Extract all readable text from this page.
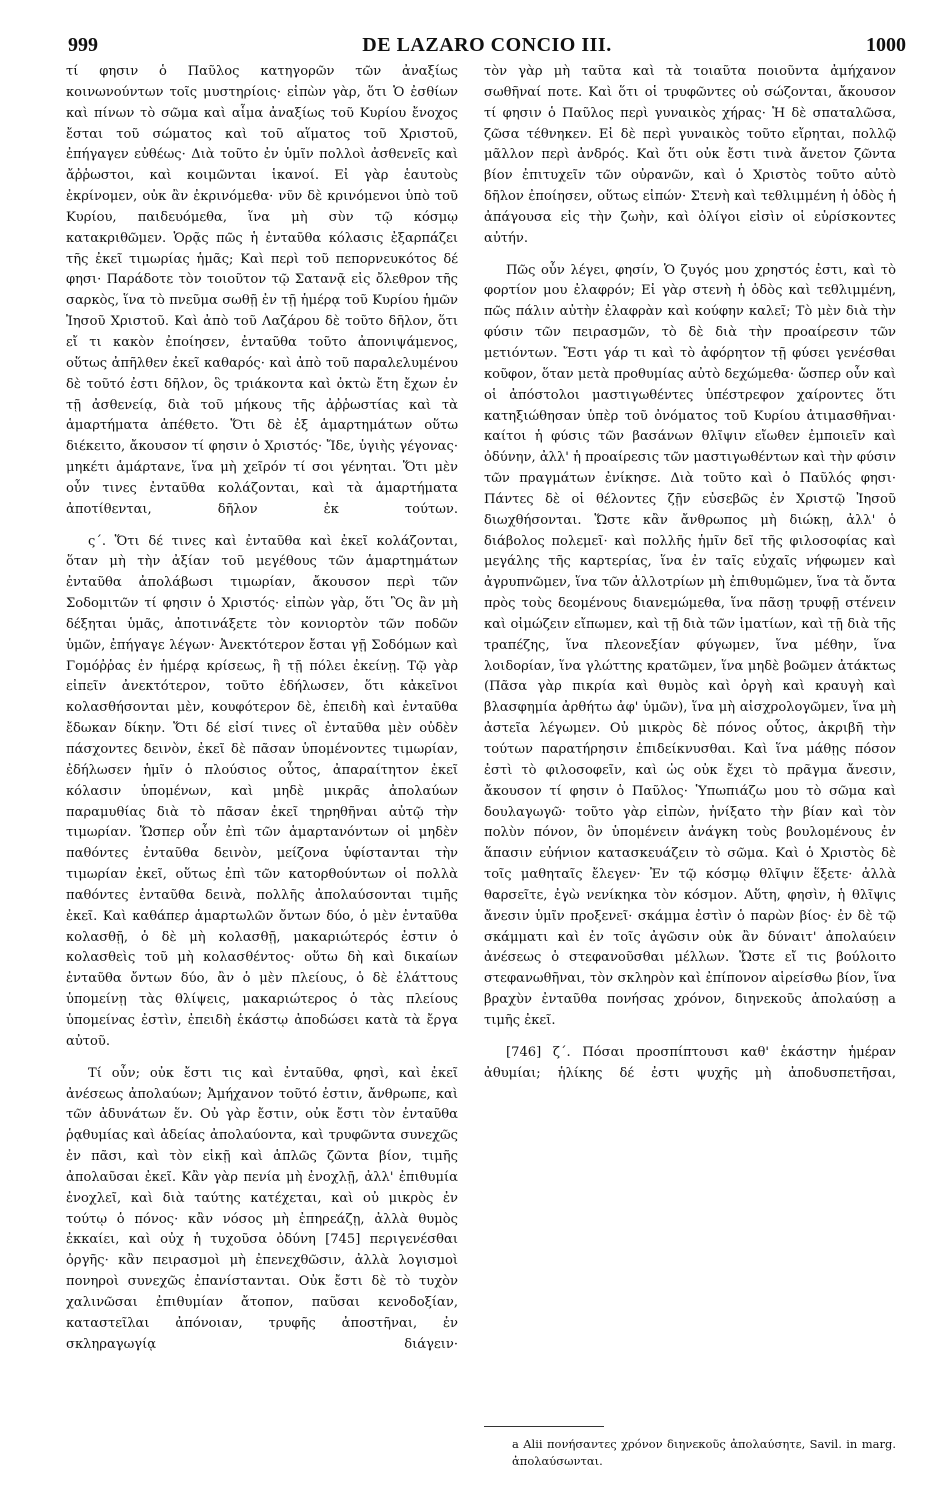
999	DE LAZARO CONCIO III.	1000

τί φησιν ὁ Παῦλος κατηγορῶν τῶν ἀναξίως κοινωνούντων τοῖς μυστηρίοις· εἰπὼν γὰρ, ὅτι Ὁ ἐσθίων καὶ πίνων τὸ σῶμα καὶ αἷμα ἀναξίως τοῦ Κυρίου ἔνοχος ἔσται τοῦ σώματος καὶ τοῦ αἵματος τοῦ Χριστοῦ, ἐπήγαγεν εὐθέως· Διὰ τοῦτο ἐν ὑμῖν πολλοὶ ἀσθενεῖς καὶ ἄῤῥωστοι, καὶ κοιμῶνται ἱκανοί. Εἰ γὰρ ἑαυτοὺς ἐκρίνομεν, οὐκ ἂν ἐκρινόμεθα· νῦν δὲ κρινόμενοι ὑπὸ τοῦ Κυρίου, παιδευόμεθα, ἵνα μὴ σὺν τῷ κόσμῳ κατακριθῶμεν. Ὁρᾷς πῶς ἡ ἐνταῦθα κόλασις ἐξαρπάζει τῆς ἐκεῖ τιμωρίας ἡμᾶς; Καὶ περὶ τοῦ πεπορνευκότος δέ φησι· Παράδοτε τὸν τοιοῦτον τῷ Σατανᾷ εἰς ὄλεθρον τῆς σαρκὸς, ἵνα τὸ πνεῦμα σωθῇ ἐν τῇ ἡμέρᾳ τοῦ Κυρίου ἡμῶν Ἰησοῦ Χριστοῦ. Καὶ ἀπὸ τοῦ Λαζάρου δὲ τοῦτο δῆλον, ὅτι εἴ τι κακὸν ἐποίησεν, ἐνταῦθα τοῦτο ἀπονιψάμενος, οὕτως ἀπῆλθεν ἐκεῖ καθαρός· καὶ ἀπὸ τοῦ παραλελυμένου δὲ τοῦτό ἐστι δῆλον, ὃς τριάκοντα καὶ ὀκτὼ ἔτη ἔχων ἐν τῇ ἀσθενείᾳ, διὰ τοῦ μήκους τῆς ἀῤῥωστίας καὶ τὰ ἁμαρτήματα ἀπέθετο. Ὅτι δὲ ἐξ ἁμαρτημάτων οὕτω διέκειτο, ἄκουσον τί φησιν ὁ Χριστός· Ἴδε, ὑγιὴς γέγονας· μηκέτι ἁμάρτανε, ἵνα μὴ χεῖρόν τί σοι γένηται. Ὅτι μὲν οὖν τινες ἐνταῦθα κολάζονται, καὶ τὰ ἁμαρτήματα ἀποτίθενται, δῆλον ἐκ τούτων.

ς΄. Ὅτι δέ τινες καὶ ἐνταῦθα καὶ ἐκεῖ κολάζονται, ὅταν μὴ τὴν ἀξίαν τοῦ μεγέθους τῶν ἁμαρτημάτων ἐνταῦθα ἀπολάβωσι τιμωρίαν, ἄκουσον περὶ τῶν Σοδομιτῶν τί φησιν ὁ Χριστός· εἰπὼν γὰρ, ὅτι Ὃς ἂν μὴ δέξηται ὑμᾶς, ἀποτινάξετε τὸν κονιορτὸν τῶν ποδῶν ὑμῶν, ἐπήγαγε λέγων· Ἀνεκτότερον ἔσται γῇ Σοδόμων καὶ Γομόῤῥας ἐν ἡμέρᾳ κρίσεως, ἢ τῇ πόλει ἐκείνῃ. Τῷ γὰρ εἰπεῖν ἀνεκτότερον, τοῦτο ἐδήλωσεν, ὅτι κἀκεῖνοι κολασθήσονται μὲν, κουφότερον δὲ, ἐπειδὴ καὶ ἐνταῦθα ἔδωκαν δίκην. Ὅτι δέ εἰσί τινες οἳ ἐνταῦθα μὲν οὐδὲν πάσχοντες δεινὸν, ἐκεῖ δὲ πᾶσαν ὑπομένοντες τιμωρίαν, ἐδήλωσεν ἡμῖν ὁ πλούσιος οὗτος, ἀπαραίτητον ἐκεῖ κόλασιν ὑπομένων, καὶ μηδὲ μικρᾶς ἀπολαύων παραμυθίας διὰ τὸ πᾶσαν ἐκεῖ τηρηθῆναι αὐτῷ τὴν τιμωρίαν. Ὥσπερ οὖν ἐπὶ τῶν ἁμαρτανόντων οἱ μηδὲν παθόντες ἐνταῦθα δεινὸν, μείζονα ὑφίστανται τὴν τιμωρίαν ἐκεῖ, οὕτως ἐπὶ τῶν κατορθούντων οἱ πολλὰ παθόντες ἐνταῦθα δεινὰ, πολλῆς ἀπολαύσονται τιμῆς ἐκεῖ. Καὶ καθάπερ ἁμαρτωλῶν ὄντων δύο, ὁ μὲν ἐνταῦθα κολασθῇ, ὁ δὲ μὴ κολασθῇ, μακαριώτερός ἐστιν ὁ κολασθεὶς τοῦ μὴ κολασθέντος· οὕτω δὴ καὶ δικαίων ἐνταῦθα ὄντων δύο, ἂν ὁ μὲν πλείους, ὁ δὲ ἐλάττους ὑπομείνῃ τὰς θλίψεις, μακαριώτερος ὁ τὰς πλείους ὑπομείνας ἐστὶν, ἐπειδὴ ἑκάστῳ ἀποδώσει κατὰ τὰ ἔργα αὐτοῦ.

Τί οὖν; οὐκ ἔστι τις καὶ ἐνταῦθα, φησὶ, καὶ ἐκεῖ ἀνέσεως ἀπολαύων; Ἀμήχανον τοῦτό ἐστιν, ἄνθρωπε, καὶ τῶν ἀδυνάτων ἕν. Οὐ γὰρ ἔστιν, οὐκ ἔστι τὸν ἐνταῦθα ῥᾳθυμίας καὶ ἀδείας ἀπολαύοντα, καὶ τρυφῶντα συνεχῶς ἐν πᾶσι, καὶ τὸν εἰκῇ καὶ ἁπλῶς ζῶντα βίον, τιμῆς ἀπολαῦσαι ἐκεῖ. Κἂν γὰρ πενία μὴ ἐνοχλῇ, ἀλλ' ἐπιθυμία ἐνοχλεῖ, καὶ διὰ ταύτης κατέχεται, καὶ οὐ μικρὸς ἐν τούτῳ ὁ πόνος· κἂν νόσος μὴ ἐπηρεάζῃ, ἀλλὰ θυμὸς ἐκκαίει, καὶ οὐχ ἡ τυχοῦσα ὀδύνη [745] περιγενέσθαι ὀργῆς· κἂν πειρασμοὶ μὴ ἐπενεχθῶσιν, ἀλλὰ λογισμοὶ πονηροὶ συνεχῶς ἐπανίστανται. Οὐκ ἔστι δὲ τὸ τυχὸν χαλινῶσαι ἐπιθυμίαν ἄτοπον, παῦσαι κενοδοξίαν, καταστεῖλαι ἀπόνοιαν, τρυφῆς ἀποστῆναι, ἐν σκληραγωγίᾳ διάγειν·

τὸν γὰρ μὴ ταῦτα καὶ τὰ τοιαῦτα ποιοῦντα ἀμήχανον σωθῆναί ποτε. Καὶ ὅτι οἱ τρυφῶντες οὐ σώζονται, ἄκουσον τί φησιν ὁ Παῦλος περὶ γυναικὸς χήρας· Ἡ δὲ σπαταλῶσα, ζῶσα τέθνηκεν. Εἰ δὲ περὶ γυναικὸς τοῦτο εἴρηται, πολλῷ μᾶλλον περὶ ἀνδρός. Καὶ ὅτι οὐκ ἔστι τινὰ ἄνετον ζῶντα βίον ἐπιτυχεῖν τῶν οὐρανῶν, καὶ ὁ Χριστὸς τοῦτο αὐτὸ δῆλον ἐποίησεν, οὕτως εἰπών· Στενὴ καὶ τεθλιμμένη ἡ ὁδὸς ἡ ἀπάγουσα εἰς τὴν ζωὴν, καὶ ὀλίγοι εἰσὶν οἱ εὑρίσκοντες αὐτήν.

Πῶς οὖν λέγει, φησίν, Ὁ ζυγός μου χρηστός ἐστι, καὶ τὸ φορτίον μου ἐλαφρόν; Εἰ γὰρ στενὴ ἡ ὁδὸς καὶ τεθλιμμένη, πῶς πάλιν αὐτὴν ἐλαφρὰν καὶ κούφην καλεῖ; Τὸ μὲν διὰ τὴν φύσιν τῶν πειρασμῶν, τὸ δὲ διὰ τὴν προαίρεσιν τῶν μετιόντων. Ἔστι γάρ τι καὶ τὸ ἀφόρητον τῇ φύσει γενέσθαι κοῦφον, ὅταν μετὰ προθυμίας αὐτὸ δεχώμεθα· ὥσπερ οὖν καὶ οἱ ἀπόστολοι μαστιγωθέντες ὑπέστρεφον χαίροντες ὅτι κατηξιώθησαν ὑπὲρ τοῦ ὀνόματος τοῦ Κυρίου ἀτιμασθῆναι· καίτοι ἡ φύσις τῶν βασάνων θλῖψιν εἴωθεν ἐμποιεῖν καὶ ὀδύνην, ἀλλ' ἡ προαίρεσις τῶν μαστιγωθέντων καὶ τὴν φύσιν τῶν πραγμάτων ἐνίκησε. Διὰ τοῦτο καὶ ὁ Παῦλός φησι· Πάντες δὲ οἱ θέλοντες ζῇν εὐσεβῶς ἐν Χριστῷ Ἰησοῦ διωχθήσονται. Ὥστε κἂν ἄνθρωπος μὴ διώκῃ, ἀλλ' ὁ διάβολος πολεμεῖ· καὶ πολλῆς ἡμῖν δεῖ τῆς φιλοσοφίας καὶ μεγάλης τῆς καρτερίας, ἵνα ἐν ταῖς εὐχαῖς νήφωμεν καὶ ἀγρυπνῶμεν, ἵνα τῶν ἀλλοτρίων μὴ ἐπιθυμῶμεν, ἵνα τὰ ὄντα πρὸς τοὺς δεομένους διανεμώμεθα, ἵνα πᾶσῃ τρυφῇ στένειν καὶ οἰμώζειν εἴπωμεν, καὶ τῇ διὰ τῶν ἱματίων, καὶ τῇ διὰ τῆς τραπέζης, ἵνα πλεονεξίαν φύγωμεν, ἵνα μέθην, ἵνα λοιδορίαν, ἵνα γλώττης κρατῶμεν, ἵνα μηδὲ βοῶμεν ἀτάκτως (Πᾶσα γὰρ πικρία καὶ θυμὸς καὶ ὀργὴ καὶ κραυγὴ καὶ βλασφημία ἀρθήτω ἀφ' ὑμῶν), ἵνα μὴ αἰσχρολογῶμεν, ἵνα μὴ ἀστεῖα λέγωμεν. Οὐ μικρὸς δὲ πόνος οὗτος, ἀκριβῆ τὴν τούτων παρατήρησιν ἐπιδείκνυσθαι. Καὶ ἵνα μάθῃς πόσον ἐστὶ τὸ φιλοσοφεῖν, καὶ ὡς οὐκ ἔχει τὸ πρᾶγμα ἄνεσιν, ἄκουσον τί φησιν ὁ Παῦλος· Ὑπωπιάζω μου τὸ σῶμα καὶ δουλαγωγῶ· τοῦτο γὰρ εἰπὼν, ἠνίξατο τὴν βίαν καὶ τὸν πολὺν πόνον, ὃν ὑπομένειν ἀνάγκη τοὺς βουλομένους ἐν ἅπασιν εὐήνιον κατασκευάζειν τὸ σῶμα. Καὶ ὁ Χριστὸς δὲ τοῖς μαθηταῖς ἔλεγεν· Ἐν τῷ κόσμῳ θλῖψιν ἕξετε· ἀλλὰ θαρσεῖτε, ἐγὼ νενίκηκα τὸν κόσμον. Αὕτη, φησὶν, ἡ θλῖψις ἄνεσιν ὑμῖν προξενεῖ· σκάμμα ἐστὶν ὁ παρὼν βίος· ἐν δὲ τῷ σκάμματι καὶ ἐν τοῖς ἀγῶσιν οὐκ ἂν δύναιτ' ἀπολαύειν ἀνέσεως ὁ στεφανοῦσθαι μέλλων. Ὥστε εἴ τις βούλοιτο στεφανωθῆναι, τὸν σκληρὸν καὶ ἐπίπονον αἱρείσθω βίον, ἵνα βραχὺν ἐνταῦθα πονήσας χρόνον, διηνεκοῦς ἀπολαύσῃ a τιμῆς ἐκεῖ.

[746] ζ΄. Πόσαι προσπίπτουσι καθ' ἑκάστην ἡμέραν ἀθυμίαι; ἡλίκης δέ ἐστι ψυχῆς μὴ ἀποδυσπετῆσαι,

a Alii πονήσαντες χρόνον διηνεκοῦς ἀπολαύσητε, Savil. in marg. ἀπολαύσωνται.
